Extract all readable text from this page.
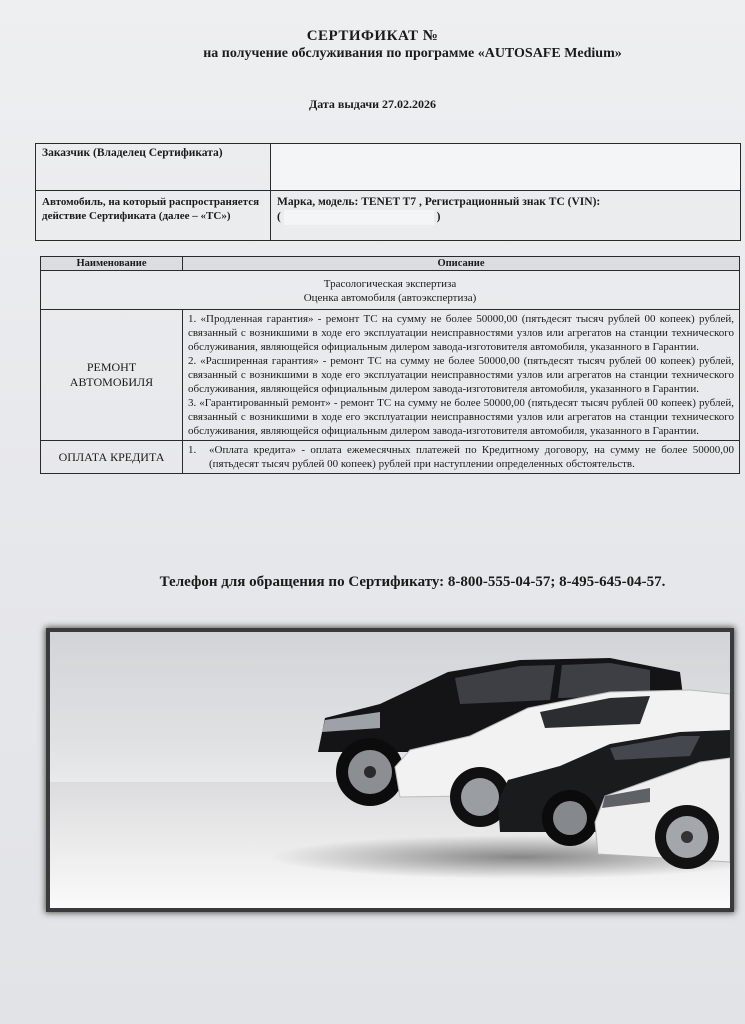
СЕРТИФИКАТ №
на получение обслуживания по программе «AUTOSAFE Medium»
Дата выдачи 27.02.2026
Заказчик (Владелец Сертификата)	
Автомобиль, на который распространяется действие Сертификата (далее – «ТС»)	Марка, модель: TENET T7 , Регистрационный знак ТС (VIN):
( )
Наименование	Описание

Трасологическая экспертиза
Оценка автомобиля (автоэкспертиза)	

РЕМОНТ АВТОМОБИЛЯ	1. «Продленная гарантия» - ремонт ТС на сумму не более 50000,00 (пятьдесят тысяч рублей 00 копеек) рублей, связанный с возникшими в ходе его эксплуатации неисправностями узлов или агрегатов на станции технического обслуживания, являющейся официальным дилером завода-изготовителя автомобиля, указанного в Гарантии.
2. «Расширенная гарантия» - ремонт ТС на сумму не более 50000,00 (пятьдесят тысяч рублей 00 копеек) рублей, связанный с возникшими в ходе его эксплуатации неисправностями узлов или агрегатов на станции технического обслуживания, являющейся официальным дилером завода-изготовителя автомобиля, указанного в Гарантии.
3. «Гарантированный ремонт» - ремонт ТС на сумму не более 50000,00 (пятьдесят тысяч рублей 00 копеек) рублей, связанный с возникшими в ходе его эксплуатации неисправностями узлов или агрегатов на станции технического обслуживания, являющейся официальным дилером завода-изготовителя автомобиля, указанного в Гарантии.

ОПЛАТА КРЕДИТА	1. «Оплата кредита» - оплата ежемесячных платежей по Кредитному договору, на сумму не более 50000,00 (пятьдесят тысяч рублей 00 копеек) рублей при наступлении определенных обстоятельств.
Телефон для обращения по Сертификату: 8-800-555-04-57; 8-495-645-04-57.
